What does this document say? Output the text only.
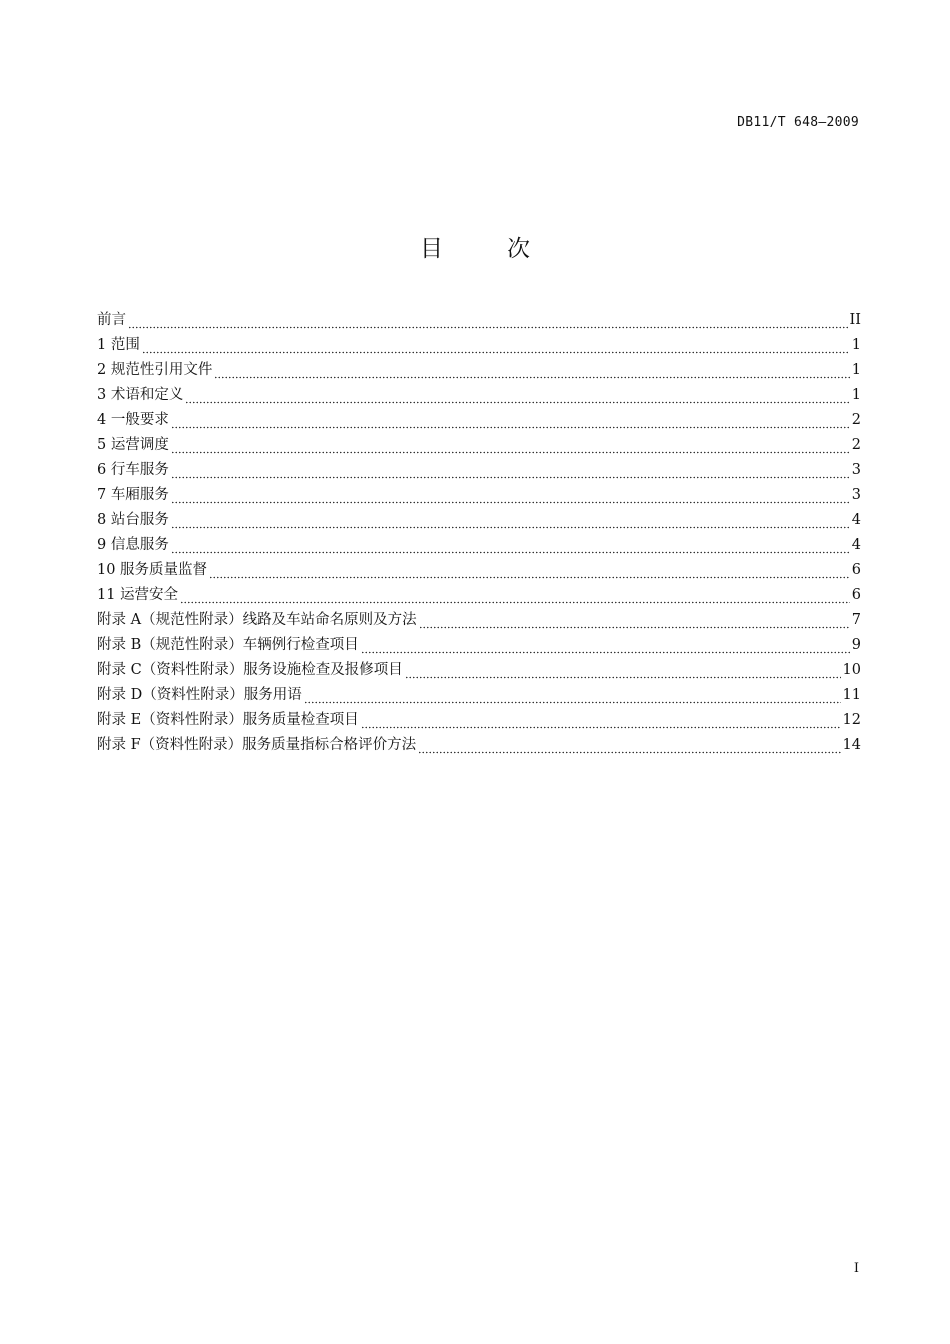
DB11/T 648—2009
目	次
前言	II
1 范围	1
2 规范性引用文件	1
3 术语和定义	1
4 一般要求	2
5 运营调度	2
6 行车服务	3
7 车厢服务	3
8 站台服务	4
9 信息服务	4
10 服务质量监督	6
11 运营安全	6
附录 A（规范性附录）线路及车站命名原则及方法	7
附录 B（规范性附录）车辆例行检查项目	9
附录 C（资料性附录）服务设施检查及报修项目	10
附录 D（资料性附录）服务用语	11
附录 E（资料性附录）服务质量检查项目	12
附录 F（资料性附录）服务质量指标合格评价方法	14
I
